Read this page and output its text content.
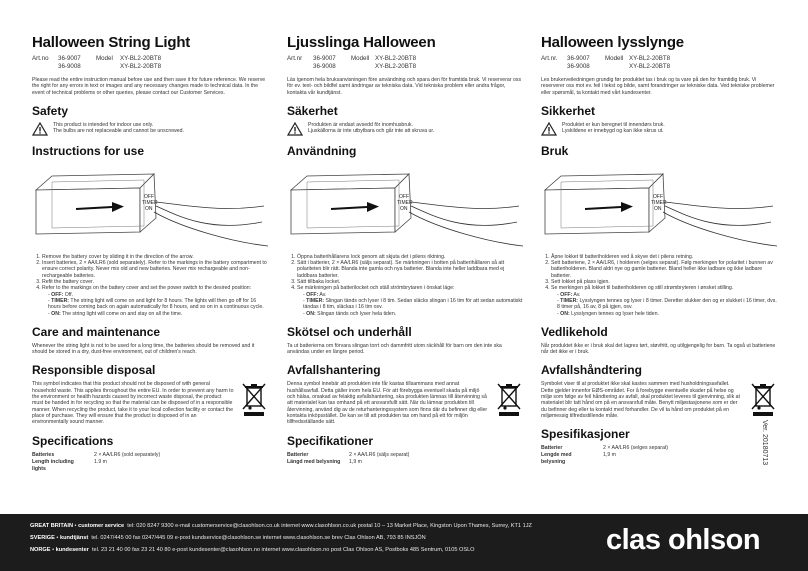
Halloween String Light
Art.no	36-9007	Model	XY-BL2-20BT8
36-9008	XY-BL2-20BT8

Please read the entire instruction manual before use and then save it for future reference. We reserve the right for any errors in text or images and any necessary changes made to technical data. In the event of technical problems or other queries, please contact our Customer Services.

Safety

This product is intended for indoor use only.

The bulbs are not replaceable and cannot be unscrewed.

Instructions for use
OFF
TIMER
ON
1. Remove the battery cover by sliding it in the direction of the arrow.
2. Insert batteries, 2 × AA/LR6 (sold separately). Refer to the markings in the battery compartment to ensure correct polarity. Never mix old and new batteries. Never mix rechargeable and non-rechargeable batteries.
3. Refit the battery cover.
4. Refer to the markings on the battery cover and set the power switch to the desired position:
- OFF: Off.
- TIMER: The string light will come on and light for 8 hours. The lights will then go off for 16 hours before coming back on again automatically for 8 hours, and so on in a continuous cycle.
- ON: The string light will come on and stay on all the time.
Care and maintenance

Whenever the string light is not to be used for a long time, the batteries should be removed and it should be stored in a dry, dust-free environment, out of children's reach.

Responsible disposal

This symbol indicates that this product should not be disposed of with general household waste. This applies throughout the entire EU. In order to prevent any harm to the environment or health hazards caused by incorrect waste disposal, the product must be handed in for recycling so that the material can be disposed of in a responsible manner. When recycling the product, take it to your local collection facility or contact the place of purchase. They will ensure that the product is disposed of in an environmentally sound manner.

Specifications
Batteries	2 × AA/LR6 (sold separately)
Length including lights	1.9 m
Ljusslinga Halloween
Art.nr	36-9007	Modell XY-BL2-20BT8
36-9008	XY-BL2-20BT8

Läs igenom hela bruksanvisningen före användning och spara den för framtida bruk. Vi reserverar oss för ev. text- och bildfel samt ändringar av tekniska data. Vid tekniska problem eller andra frågor, kontakta vår kundtjänst.

Säkerhet

Produkten är endast avsedd för inomhusbruk.

Ljuskällorna är inte utbytbara och går inte att skruva ur.

Användning
OFF
TIMER
ON
1. Öppna batterihållarens lock genom att skjuta det i pilens riktning.
2. Sätt i batterier, 2 × AA/LR6 (säljs separat). Se märkningen i botten på batterihållaren så att polariteten blir rätt. Blanda inte gamla och nya batterier. Blanda inte heller laddbara med ej laddbara batterier.
3. Sätt tillbaka locket.
4. Se märkningen på batterilocket och ställ strömbrytaren i önskat läge:
- OFF: Av.
- TIMER: Slingan tänds och lyser i 8 tim. Sedan släcks slingan i 16 tim för att sedan automatiskt tändas i 8 tim, släckas i 16 tim osv.
- ON: Slingan tänds och lyser hela tiden.
Skötsel och underhåll

Ta ut batterierna om förvara slingan torrt och dammfritt utom räckhåll för barn om den inte ska användas under en längre period.

Avfallshantering

Denna symbol innebär att produkten inte får kastas tillsammans med annat hushållsavfall. Detta gäller inom hela EU. För att förebygga eventuell skada på miljö och hälsa, orsakad av felaktig avfallshantering, ska produkten lämnas till återvinning så att materialet kan tas omhand på ett ansvarsfullt sätt. När du lämnar produkten till återvinning, använd dig av de returhanteringssystem som finns där du befinner dig eller kontakta inköpsstället. De kan se till att produkten tas om hand på ett för miljön tillfredsställande sätt.

Specifikationer
Batterier	2 × AA/LR6 (säljs separat)
Längd med belysning	1,9 m
Halloween lysslynge
Art.nr.	36-9007	Modell XY-BL2-20BT8
36-9008	XY-BL2-20BT8

Les brukerveiledningen grundig før produktet tas i bruk og ta vare på den for framtidig bruk. Vi reserverer oss mot ev. feil i tekst og bilde, samt forandringer av tekniske data. Ved tekniske problemer eller spørsmål, ta kontakt med vårt kundesenter.

Sikkerhet

Produktet er kun beregnet til innendørs bruk.

Lyskildene er innebygd og kan ikke skrus ut.

Bruk
OFF
TIMER
ON
1. Åpne lokket til batteriholderen ved å skyve det i pilens retning.
2. Sett batteriene, 2 × AA/LR6, i holderen (selges separat). Følg merkingen for polaritet i bunnen av batteriholderen. Bland aldri nye og gamle batterier. Bland heller ikke ladbare og ikke ladbare batterier.
3. Sett lokket på plass igjen.
4. Se merkingen på lokket til batteriholderen og still strømbryteren i ønsket stilling.
- OFF: Av.
- TIMER: Lysslyngen tennes og lyser i 8 timer. Deretter slukker den og er slukket i 16 timer, dvs. 8 timer på, 16 av, 8 på igjen, osv.
- ON: Lysslyngen tennes og lyser hele tiden.
Vedlikehold

Når produktet ikke er i bruk skal det lagres tørt, støvfritt, og utilgjengelig for barn. Ta også ut batteriene når det ikke er i bruk.

Avfallshåndtering

Symbolet viser til at produktet ikke skal kastes sammen med husholdningsavfallet. Dette gjelder innenfor EØS-området. For å forebygge eventuelle skader på helse og miljø som følge av feil håndtering av avfall, skal produktet leveres til gjenvinning, slik at materialet blir tatt hånd om på en ansvarsfull måte. Benytt miljøstasjonene som er der du befinner deg eller ta kontakt med forhandler. De vil ta hånd om produktet på en miljømessig tilfredsstillende måte.

Spesifikasjoner
Batterier	2 × AA/LR6 (selges separat)
Lengde med belysning	1,9 m	Ver. 20180713
GREAT BRITAIN • customer service tel: 020 8247 9300 e-mail customerservice@clasohlson.co.uk internet www.clasohlson.co.uk postal 10 – 13 Market Place, Kingston Upon Thames, Surrey, KT1 1JZ
SVERIGE • kundtjänst tel. 0247/445 00 fax 0247/445 09 e-post kundservice@clasohlson.se internet www.clasohlson.se brev Clas Ohlson AB, 793 85 INSJÖN
NORGE • kundesenter tel. 23 21 40 00 fax 23 21 40 80 e-post kundesenter@clasohlson.no internet www.clasohlson.no post Clas Ohlson AS, Postboks 485 Sentrum, 0105 OSLO	clas ohlson
